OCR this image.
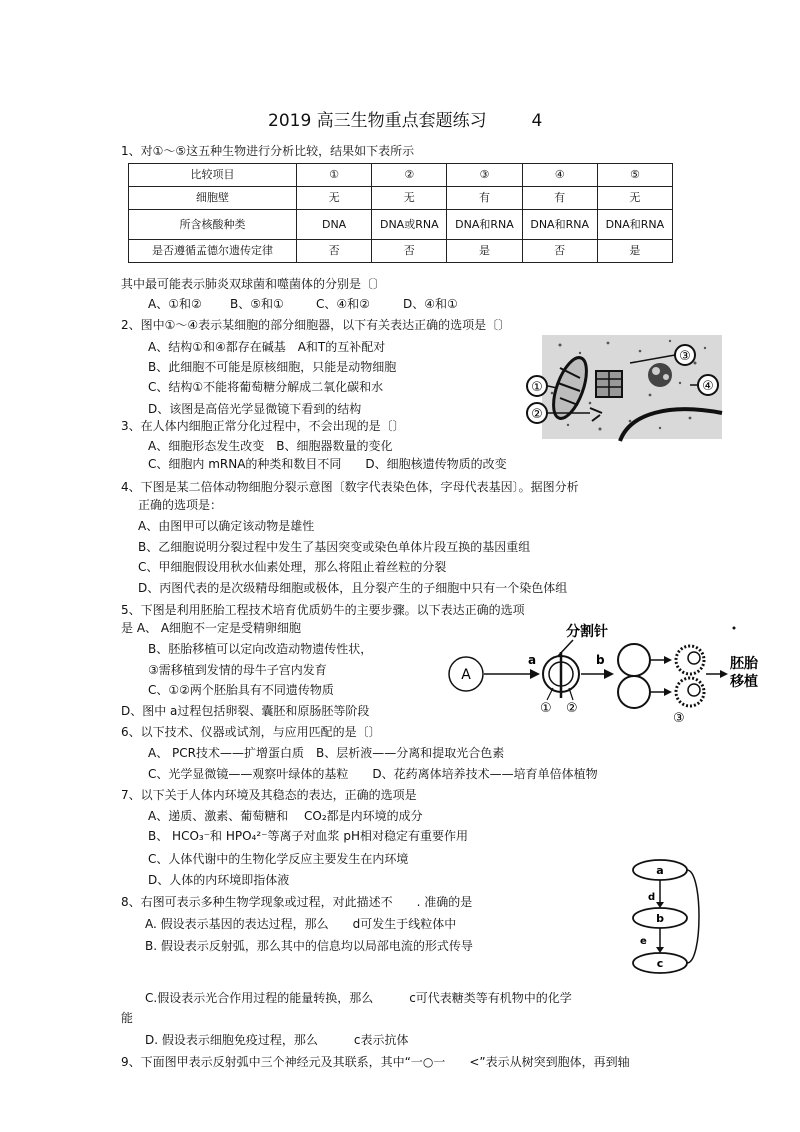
2019 高三生物重点套题练习	4
1、对①～⑤这五种生物进行分析比较，结果如下表所示
比较项目	①	②	③	④	⑤
细胞壁	无	无	有	有	无
所含核酸种类	DNA	DNA或RNA	DNA和RNA	DNA和RNA	DNA和RNA
是否遵循孟德尔遗传定律	否	否	是	否	是
其中最可能表示肺炎双球菌和噬菌体的分别是〔〕
A、①和② B、⑤和①	C、④和②	D、④和①
2、图中①～④表示某细胞的部分细胞器，以下有关表达正确的选项是〔〕
A、结构①和④都存在碱基　A和T的互补配对
B、此细胞不可能是原核细胞，只能是动物细胞
C、结构①不能将葡萄糖分解成二氧化碳和水
D、该图是高倍光学显微镜下看到的结构
①
②
③
④
3、在人体内细胞正常分化过程中，不会出现的是〔〕
A、细胞形态发生改变　B、细胞器数量的变化
C、细胞内 mRNA的种类和数目不同　　D、细胞核遗传物质的改变
4、下图是某二倍体动物细胞分裂示意图〔数字代表染色体，字母代表基因〕。据图分析
正确的选项是：
A、由图甲可以确定该动物是雄性
B、乙细胞说明分裂过程中发生了基因突变或染色单体片段互换的基因重组
C、甲细胞假设用秋水仙素处理，那么将阻止着丝粒的分裂
D、丙图代表的是次级精母细胞或极体，且分裂产生的子细胞中只有一个染色体组
5、下图是利用胚胎工程技术培育优质奶牛的主要步骤。以下表达正确的选项
是 A、 A细胞不一定是受精卵细胞
B、胚胎移植可以定向改造动物遗传性状，
③需移植到发情的母牛子宫内发育
C、①②两个胚胎具有不同遗传物质
D、图中 a过程包括卵裂、囊胚和原肠胚等阶段
分割针
A
a
① ②
b
③
胚胎
移植
6、以下技术、仪器或试剂，与应用匹配的是〔〕
A、 PCR技术——扩增蛋白质　B、层析液——分离和提取光合色素
C、光学显微镜——观察叶绿体的基粒　　D、花药离体培养技术——培育单倍体植物
7、以下关于人体内环境及其稳态的表达，正确的选项是
A、递质、激素、葡萄糖和　 CO₂都是内环境的成分
B、 HCO₃⁻和 HPO₄²⁻等离子对血浆 pH相对稳定有重要作用
C、人体代谢中的生物化学反应主要发生在内环境
D、人体的内环境即指体液
8、右图可表示多种生物学现象或过程，对此描述不　　. 准确的是
A. 假设表示基因的表达过程，那么　　d可发生于线粒体中
B. 假设表示反射弧，那么其中的信息均以局部电流的形式传导
C.假设表示光合作用过程的能量转换，那么　　　c可代表糖类等有机物中的化学
能
D. 假设表示细胞免疫过程，那么　　　c表示抗体
a
b
c
d
e
9、下面图甲表示反射弧中三个神经元及其联系，其中“一○一　　<”表示从树突到胞体，再到轴
